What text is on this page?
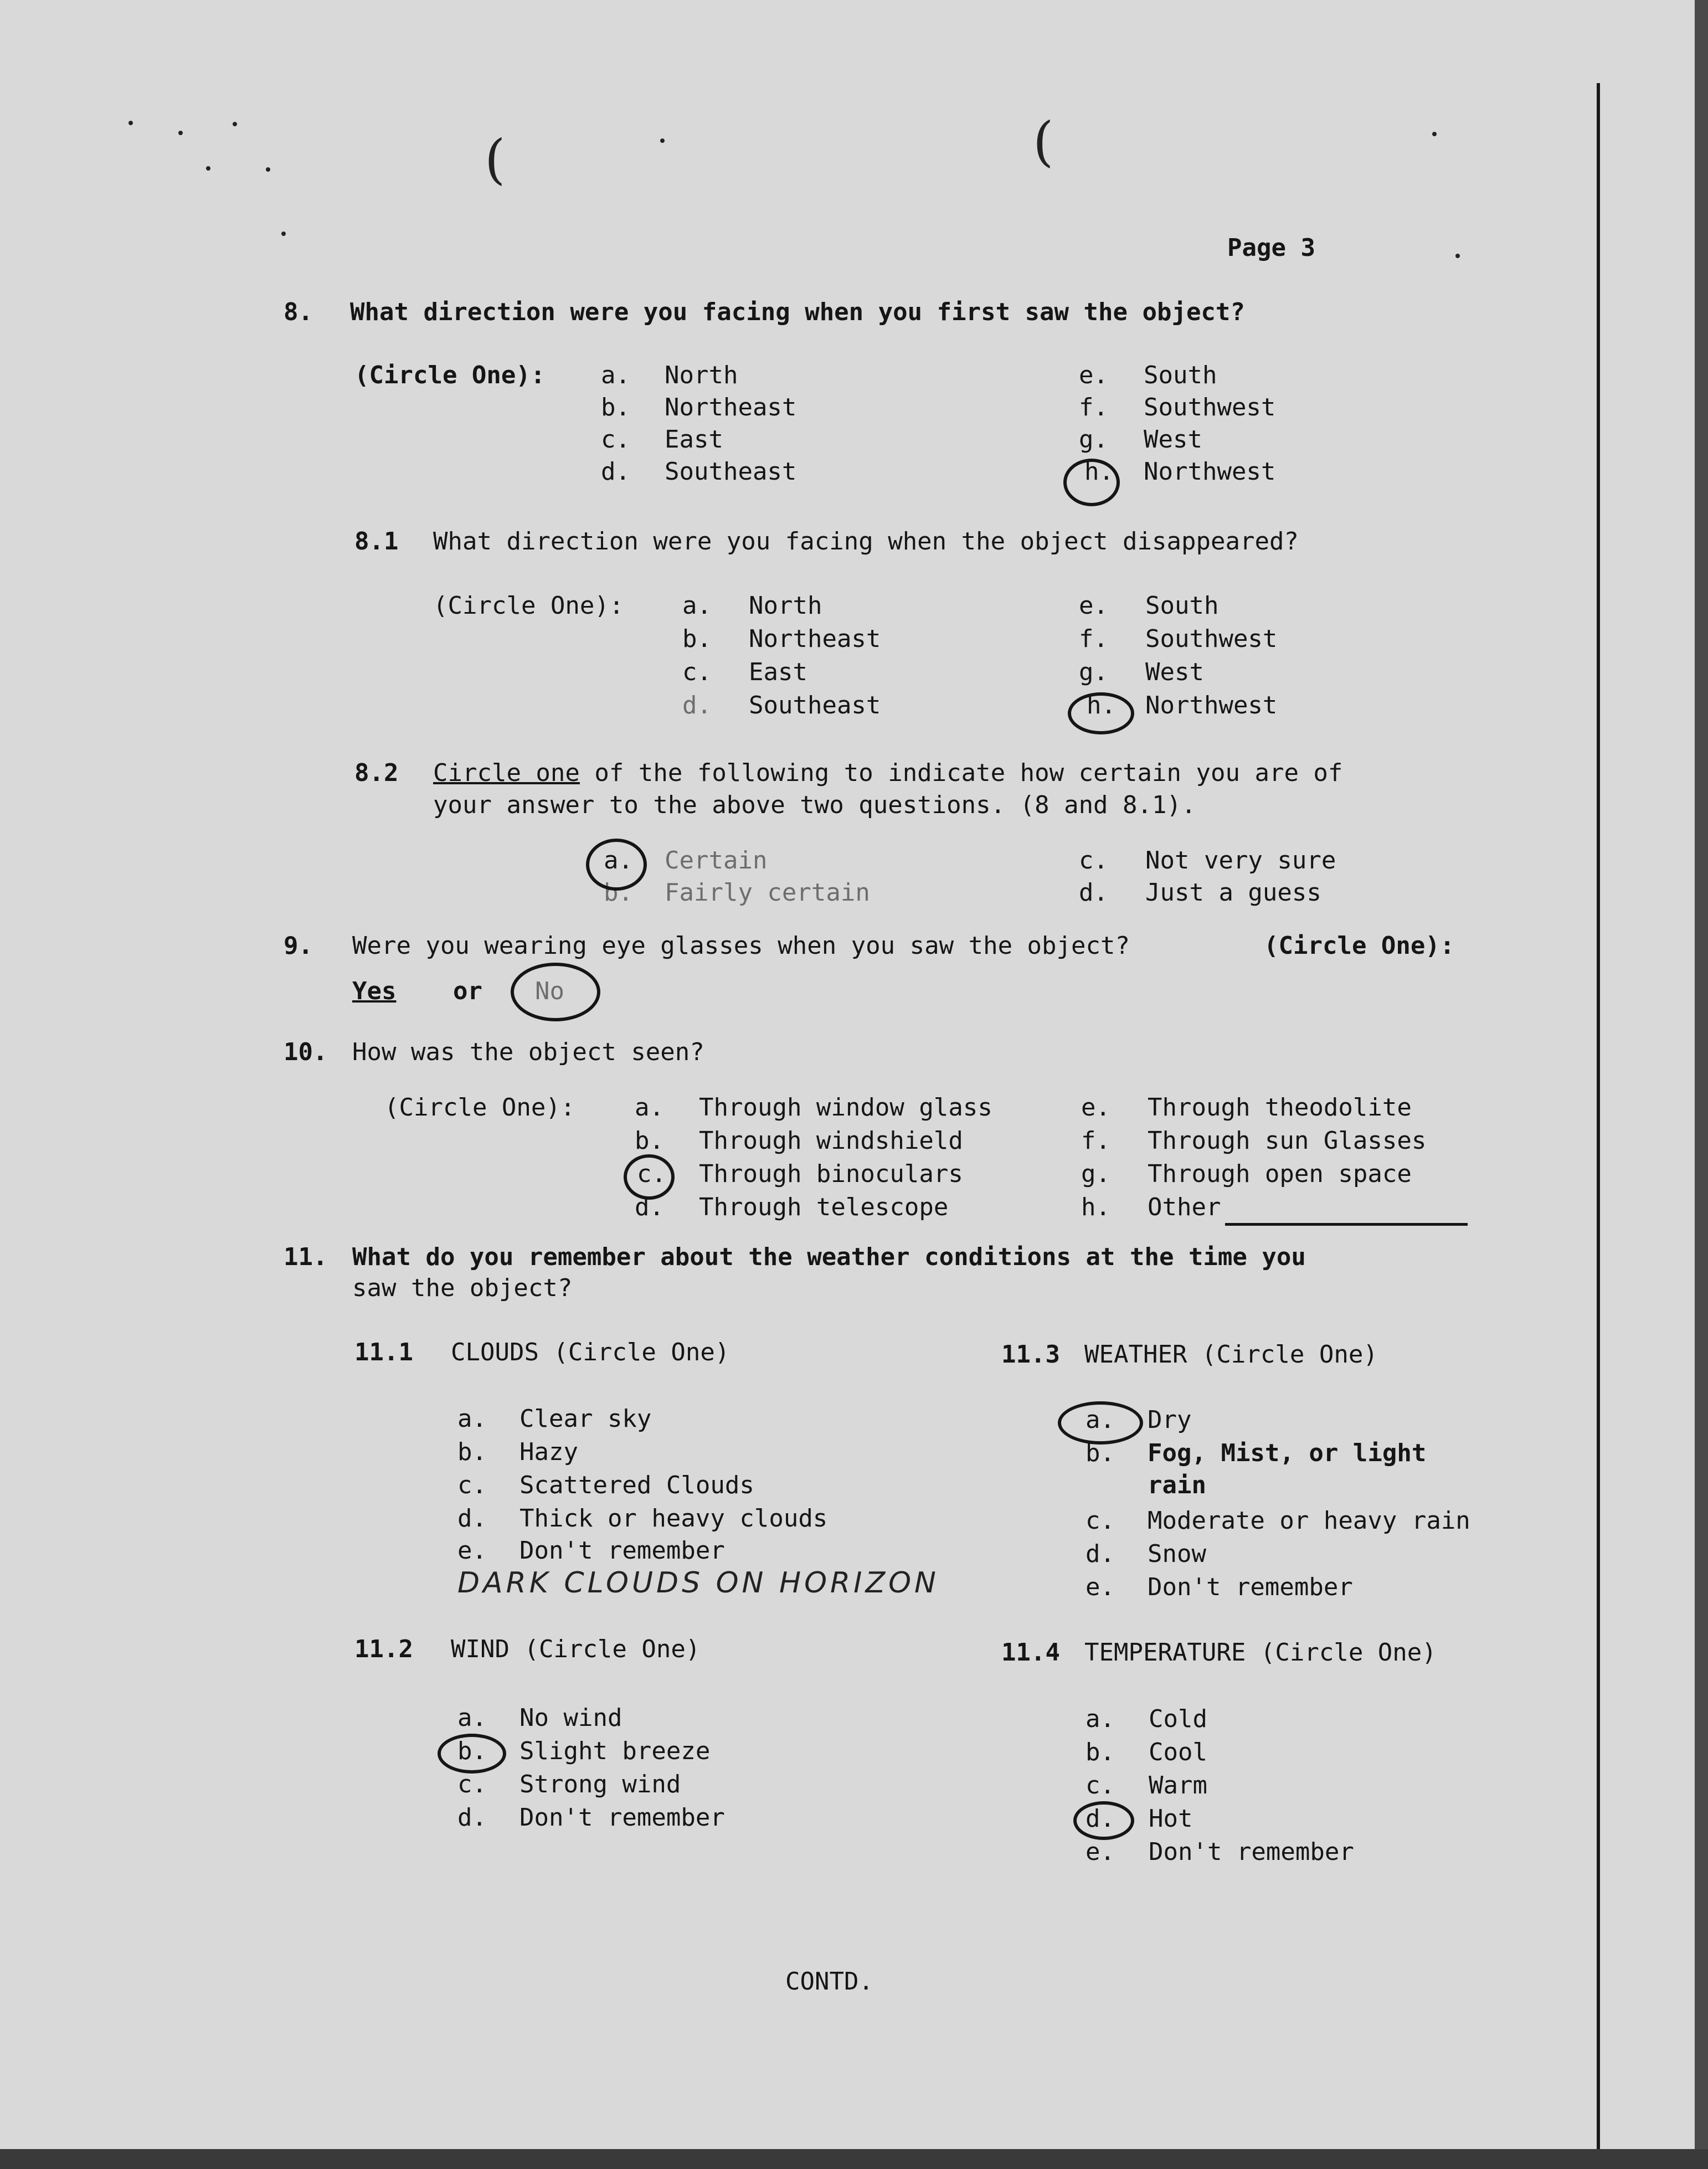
(	(
Page 3
8. What direction were you facing when you first saw the object?
(Circle One): a. North
b. Northeast
c. East
d. Southeast
e. South
f. Southwest
g. West
h. Northwest
8.1 What direction were you facing when the object disappeared?
(Circle One): a. North
b. Northeast
c. East
d. Southeast
e. South
f. Southwest
g. West
h. Northwest
8.2 Circle one of the following to indicate how certain you are of
your answer to the above two questions. (8 and 8.1).
a. Certain
b. Fairly certain
c. Not very sure
d. Just a guess
9. Were you wearing eye glasses when you saw the object?	(Circle One):
Yes or No
10. How was the object seen?
(Circle One): a. Through window glass
b. Through windshield
c. Through binoculars
d. Through telescope
e. Through theodolite
f. Through sun Glasses
g. Through open space
h. Other
11. What do you remember about the weather conditions at the time you
saw the object?
11.1 CLOUDS (Circle One)
a. Clear sky
b. Hazy
c. Scattered Clouds
d. Thick or heavy clouds
e. Don't remember
DARK CLOUDS ON HORIZON
11.2 WIND (Circle One)
a. No wind
b. Slight breeze
c. Strong wind
d. Don't remember
11.3 WEATHER (Circle One)
a. Dry
b. Fog, Mist, or light
rain
c. Moderate or heavy rain
d. Snow
e. Don't remember
11.4 TEMPERATURE (Circle One)
a. Cold
b. Cool
c. Warm
d. Hot
e. Don't remember
CONTD.
